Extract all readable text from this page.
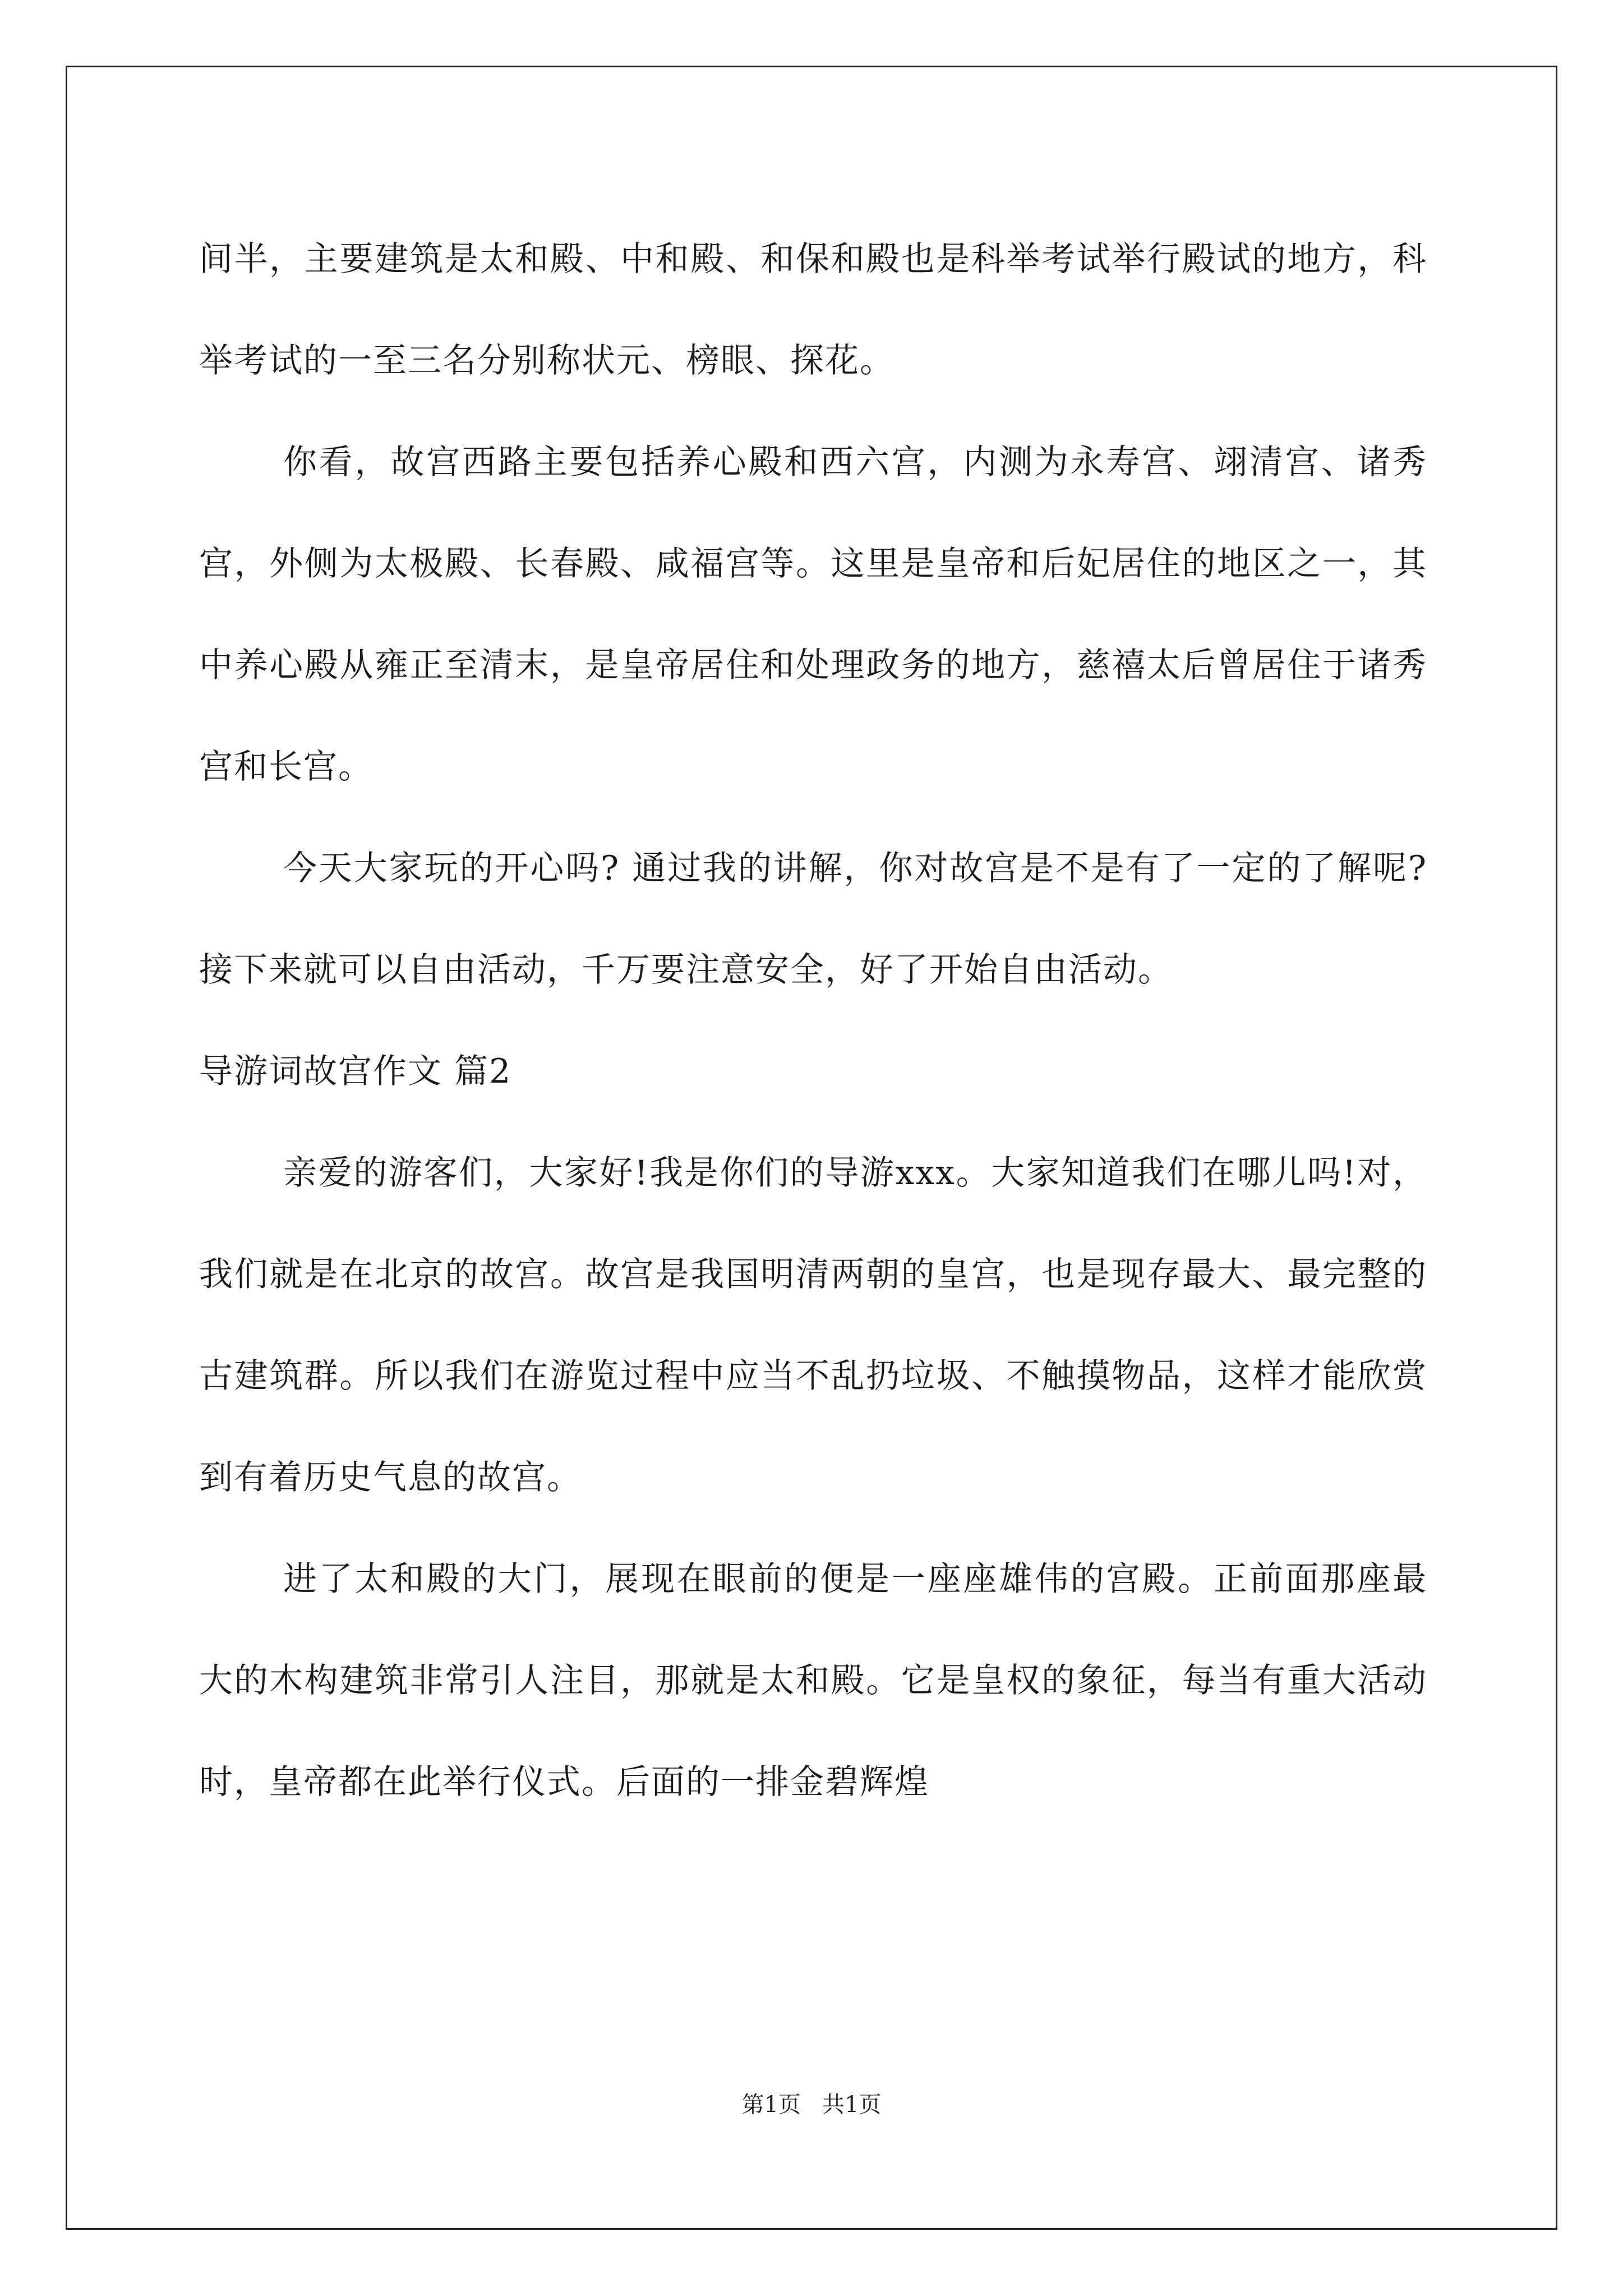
间半，主要建筑是太和殿、中和殿、和保和殿也是科举考试举行殿试的地方，科举考试的一至三名分别称状元、榜眼、探花。

你看，故宫西路主要包括养心殿和西六宫，内测为永寿宫、翊清宫、诸秀宫，外侧为太极殿、长春殿、咸福宫等。这里是皇帝和后妃居住的地区之一，其中养心殿从雍正至清末，是皇帝居住和处理政务的地方，慈禧太后曾居住于诸秀宫和长宫。

今天大家玩的开心吗? 通过我的讲解，你对故宫是不是有了一定的了解呢?接下来就可以自由活动，千万要注意安全，好了开始自由活动。

导游词故宫作文 篇2

亲爱的游客们，大家好!我是你们的导游xxx。大家知道我们在哪儿吗!对，我们就是在北京的故宫。故宫是我国明清两朝的皇宫，也是现存最大、最完整的古建筑群。所以我们在游览过程中应当不乱扔垃圾、不触摸物品，这样才能欣赏到有着历史气息的故宫。

进了太和殿的大门，展现在眼前的便是一座座雄伟的宫殿。正前面那座最大的木构建筑非常引人注目，那就是太和殿。它是皇权的象征，每当有重大活动时，皇帝都在此举行仪式。后面的一排金碧辉煌

第1页   共1页
